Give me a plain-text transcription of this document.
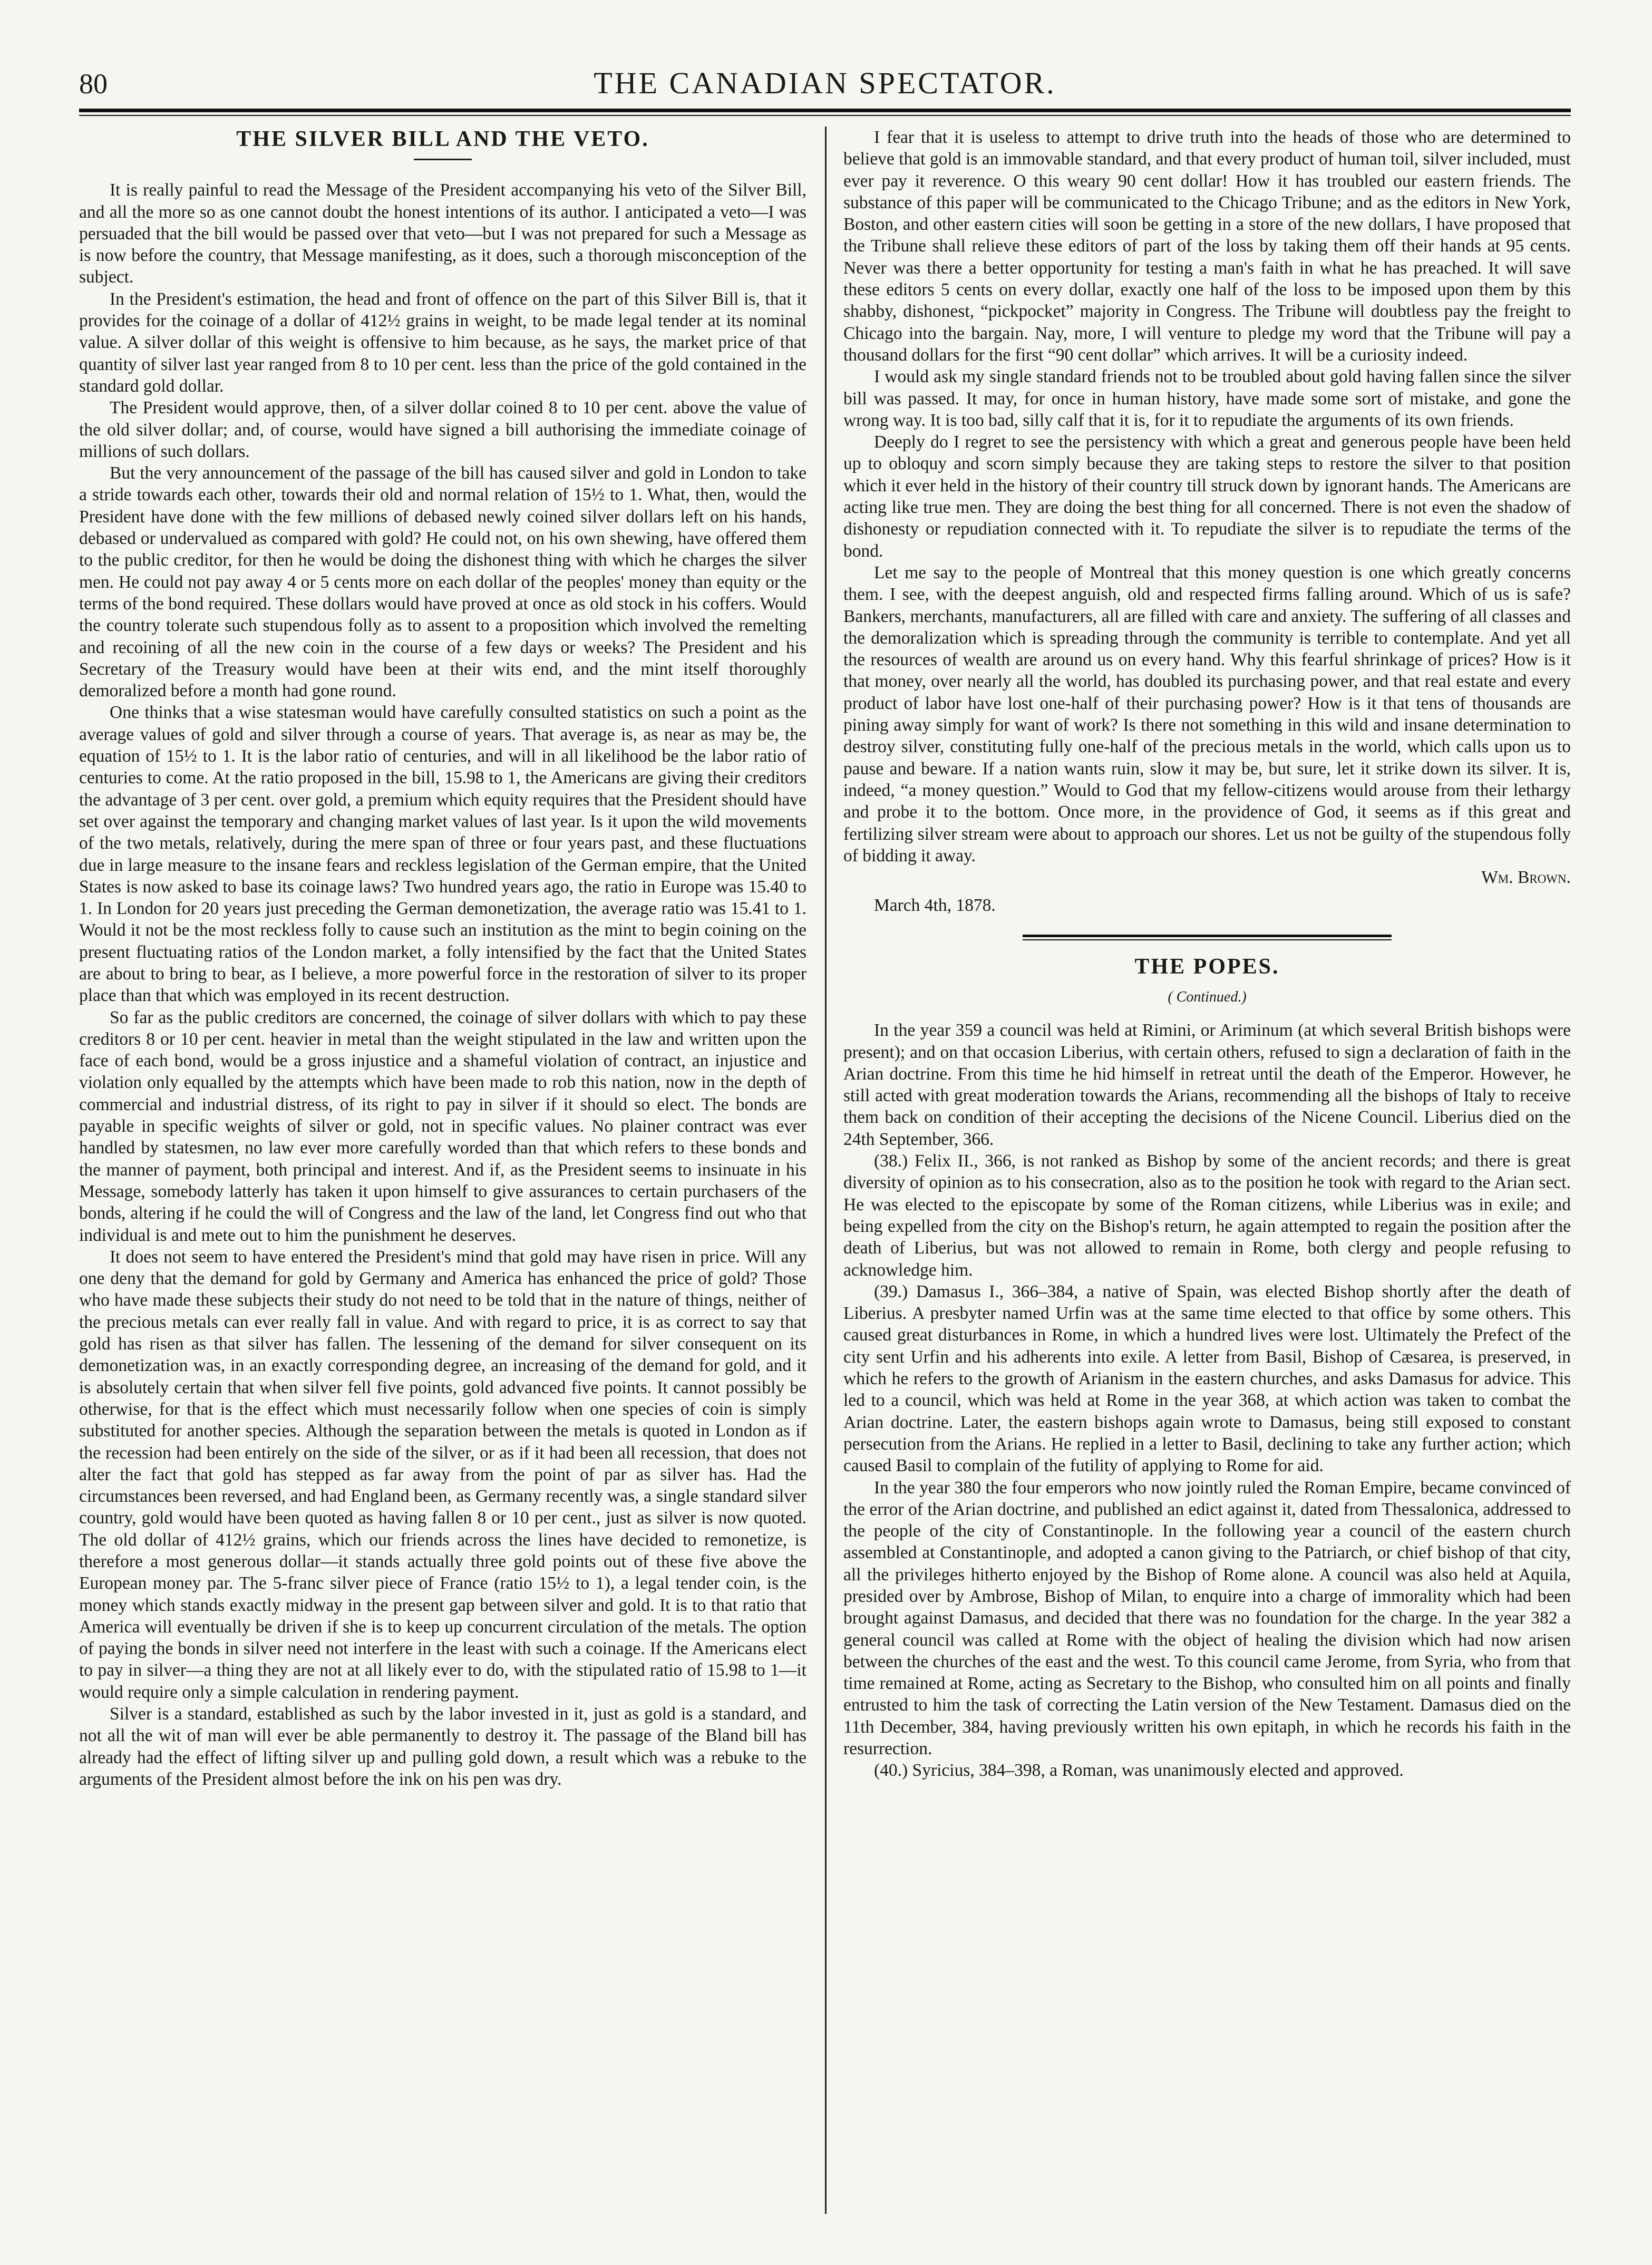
80	THE CANADIAN SPECTATOR.
THE SILVER BILL AND THE VETO.

It is really painful to read the Message of the President accompanying his veto of the Silver Bill, and all the more so as one cannot doubt the honest intentions of its author. I anticipated a veto—I was persuaded that the bill would be passed over that veto—but I was not prepared for such a Message as is now before the country, that Message manifesting, as it does, such a thorough misconception of the subject.

In the President's estimation, the head and front of offence on the part of this Silver Bill is, that it provides for the coinage of a dollar of 412½ grains in weight, to be made legal tender at its nominal value. A silver dollar of this weight is offensive to him because, as he says, the market price of that quantity of silver last year ranged from 8 to 10 per cent. less than the price of the gold contained in the standard gold dollar.

The President would approve, then, of a silver dollar coined 8 to 10 per cent. above the value of the old silver dollar; and, of course, would have signed a bill authorising the immediate coinage of millions of such dollars.

But the very announcement of the passage of the bill has caused silver and gold in London to take a stride towards each other, towards their old and normal relation of 15½ to 1. What, then, would the President have done with the few millions of debased newly coined silver dollars left on his hands, debased or undervalued as compared with gold? He could not, on his own shewing, have offered them to the public creditor, for then he would be doing the dishonest thing with which he charges the silver men. He could not pay away 4 or 5 cents more on each dollar of the peoples' money than equity or the terms of the bond required. These dollars would have proved at once as old stock in his coffers. Would the country tolerate such stupendous folly as to assent to a proposition which involved the remelting and recoining of all the new coin in the course of a few days or weeks? The President and his Secretary of the Treasury would have been at their wits end, and the mint itself thoroughly demoralized before a month had gone round.

One thinks that a wise statesman would have carefully consulted statistics on such a point as the average values of gold and silver through a course of years. That average is, as near as may be, the equation of 15½ to 1. It is the labor ratio of centuries, and will in all likelihood be the labor ratio of centuries to come. At the ratio proposed in the bill, 15.98 to 1, the Americans are giving their creditors the advantage of 3 per cent. over gold, a premium which equity requires that the President should have set over against the temporary and changing market values of last year. Is it upon the wild movements of the two metals, relatively, during the mere span of three or four years past, and these fluctuations due in large measure to the insane fears and reckless legislation of the German empire, that the United States is now asked to base its coinage laws? Two hundred years ago, the ratio in Europe was 15.40 to 1. In London for 20 years just preceding the German demonetization, the average ratio was 15.41 to 1. Would it not be the most reckless folly to cause such an institution as the mint to begin coining on the present fluctuating ratios of the London market, a folly intensified by the fact that the United States are about to bring to bear, as I believe, a more powerful force in the restoration of silver to its proper place than that which was employed in its recent destruction.

So far as the public creditors are concerned, the coinage of silver dollars with which to pay these creditors 8 or 10 per cent. heavier in metal than the weight stipulated in the law and written upon the face of each bond, would be a gross injustice and a shameful violation of contract, an injustice and violation only equalled by the attempts which have been made to rob this nation, now in the depth of commercial and industrial distress, of its right to pay in silver if it should so elect. The bonds are payable in specific weights of silver or gold, not in specific values. No plainer contract was ever handled by statesmen, no law ever more carefully worded than that which refers to these bonds and the manner of payment, both principal and interest. And if, as the President seems to insinuate in his Message, somebody latterly has taken it upon himself to give assurances to certain purchasers of the bonds, altering if he could the will of Congress and the law of the land, let Congress find out who that individual is and mete out to him the punishment he deserves.

It does not seem to have entered the President's mind that gold may have risen in price. Will any one deny that the demand for gold by Germany and America has enhanced the price of gold? Those who have made these subjects their study do not need to be told that in the nature of things, neither of the precious metals can ever really fall in value. And with regard to price, it is as correct to say that gold has risen as that silver has fallen. The lessening of the demand for silver consequent on its demonetization was, in an exactly corresponding degree, an increasing of the demand for gold, and it is absolutely certain that when silver fell five points, gold advanced five points. It cannot possibly be otherwise, for that is the effect which must necessarily follow when one species of coin is simply substituted for another species. Although the separation between the metals is quoted in London as if the recession had been entirely on the side of the silver, or as if it had been all recession, that does not alter the fact that gold has stepped as far away from the point of par as silver has. Had the circumstances been reversed, and had England been, as Germany recently was, a single standard silver country, gold would have been quoted as having fallen 8 or 10 per cent., just as silver is now quoted. The old dollar of 412½ grains, which our friends across the lines have decided to remonetize, is therefore a most generous dollar—it stands actually three gold points out of these five above the European money par. The 5-franc silver piece of France (ratio 15½ to 1), a legal tender coin, is the money which stands exactly midway in the present gap between silver and gold. It is to that ratio that America will eventually be driven if she is to keep up concurrent circulation of the metals. The option of paying the bonds in silver need not interfere in the least with such a coinage. If the Americans elect to pay in silver—a thing they are not at all likely ever to do, with the stipulated ratio of 15.98 to 1—it would require only a simple calculation in rendering payment.

Silver is a standard, established as such by the labor invested in it, just as gold is a standard, and not all the wit of man will ever be able permanently to destroy it. The passage of the Bland bill has already had the effect of lifting silver up and pulling gold down, a result which was a rebuke to the arguments of the President almost before the ink on his pen was dry.

I fear that it is useless to attempt to drive truth into the heads of those who are determined to believe that gold is an immovable standard, and that every product of human toil, silver included, must ever pay it reverence. O this weary 90 cent dollar! How it has troubled our eastern friends. The substance of this paper will be communicated to the Chicago Tribune; and as the editors in New York, Boston, and other eastern cities will soon be getting in a store of the new dollars, I have proposed that the Tribune shall relieve these editors of part of the loss by taking them off their hands at 95 cents. Never was there a better opportunity for testing a man's faith in what he has preached. It will save these editors 5 cents on every dollar, exactly one half of the loss to be imposed upon them by this shabby, dishonest, “pickpocket” majority in Congress. The Tribune will doubtless pay the freight to Chicago into the bargain. Nay, more, I will venture to pledge my word that the Tribune will pay a thousand dollars for the first “90 cent dollar” which arrives. It will be a curiosity indeed.

I would ask my single standard friends not to be troubled about gold having fallen since the silver bill was passed. It may, for once in human history, have made some sort of mistake, and gone the wrong way. It is too bad, silly calf that it is, for it to repudiate the arguments of its own friends.

Deeply do I regret to see the persistency with which a great and generous people have been held up to obloquy and scorn simply because they are taking steps to restore the silver to that position which it ever held in the history of their country till struck down by ignorant hands. The Americans are acting like true men. They are doing the best thing for all concerned. There is not even the shadow of dishonesty or repudiation connected with it. To repudiate the silver is to repudiate the terms of the bond.

Let me say to the people of Montreal that this money question is one which greatly concerns them. I see, with the deepest anguish, old and respected firms falling around. Which of us is safe? Bankers, merchants, manufacturers, all are filled with care and anxiety. The suffering of all classes and the demoralization which is spreading through the community is terrible to contemplate. And yet all the resources of wealth are around us on every hand. Why this fearful shrinkage of prices? How is it that money, over nearly all the world, has doubled its purchasing power, and that real estate and every product of labor have lost one-half of their purchasing power? How is it that tens of thousands are pining away simply for want of work? Is there not something in this wild and insane determination to destroy silver, constituting fully one-half of the precious metals in the world, which calls upon us to pause and beware. If a nation wants ruin, slow it may be, but sure, let it strike down its silver. It is, indeed, “a money question.” Would to God that my fellow-citizens would arouse from their lethargy and probe it to the bottom. Once more, in the providence of God, it seems as if this great and fertilizing silver stream were about to approach our shores. Let us not be guilty of the stupendous folly of bidding it away.

Wm. Brown.
March 4th, 1878.
THE POPES.
( Continued.)

In the year 359 a council was held at Rimini, or Ariminum (at which several British bishops were present); and on that occasion Liberius, with certain others, refused to sign a declaration of faith in the Arian doctrine. From this time he hid himself in retreat until the death of the Emperor. However, he still acted with great moderation towards the Arians, recommending all the bishops of Italy to receive them back on condition of their accepting the decisions of the Nicene Council. Liberius died on the 24th September, 366.

(38.) Felix II., 366, is not ranked as Bishop by some of the ancient records; and there is great diversity of opinion as to his consecration, also as to the position he took with regard to the Arian sect. He was elected to the episcopate by some of the Roman citizens, while Liberius was in exile; and being expelled from the city on the Bishop's return, he again attempted to regain the position after the death of Liberius, but was not allowed to remain in Rome, both clergy and people refusing to acknowledge him.

(39.) Damasus I., 366–384, a native of Spain, was elected Bishop shortly after the death of Liberius. A presbyter named Urfin was at the same time elected to that office by some others. This caused great disturbances in Rome, in which a hundred lives were lost. Ultimately the Prefect of the city sent Urfin and his adherents into exile. A letter from Basil, Bishop of Cæsarea, is preserved, in which he refers to the growth of Arianism in the eastern churches, and asks Damasus for advice. This led to a council, which was held at Rome in the year 368, at which action was taken to combat the Arian doctrine. Later, the eastern bishops again wrote to Damasus, being still exposed to constant persecution from the Arians. He replied in a letter to Basil, declining to take any further action; which caused Basil to complain of the futility of applying to Rome for aid.

In the year 380 the four emperors who now jointly ruled the Roman Empire, became convinced of the error of the Arian doctrine, and published an edict against it, dated from Thessalonica, addressed to the people of the city of Constantinople. In the following year a council of the eastern church assembled at Constantinople, and adopted a canon giving to the Patriarch, or chief bishop of that city, all the privileges hitherto enjoyed by the Bishop of Rome alone. A council was also held at Aquila, presided over by Ambrose, Bishop of Milan, to enquire into a charge of immorality which had been brought against Damasus, and decided that there was no foundation for the charge. In the year 382 a general council was called at Rome with the object of healing the division which had now arisen between the churches of the east and the west. To this council came Jerome, from Syria, who from that time remained at Rome, acting as Secretary to the Bishop, who consulted him on all points and finally entrusted to him the task of correcting the Latin version of the New Testament. Damasus died on the 11th December, 384, having previously written his own epitaph, in which he records his faith in the resurrection.

(40.) Syricius, 384–398, a Roman, was unanimously elected and approved.
